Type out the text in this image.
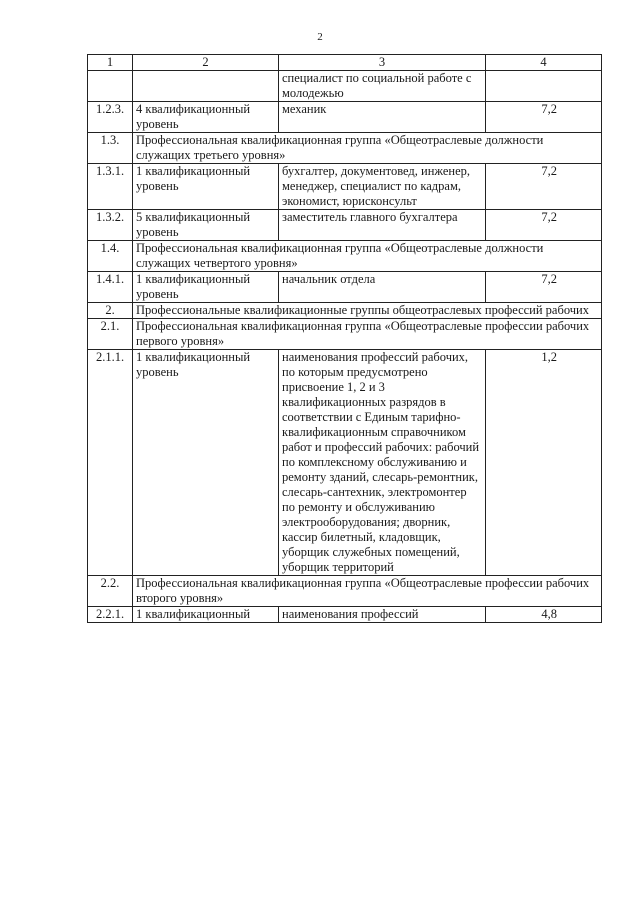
2
1	2	3	4
		специалист по социальной работе с молодежью	
1.2.3.	4 квалификационный уровень	механик	7,2
1.3.	Профессиональная квалификационная группа «Общеотраслевые должности служащих третьего уровня»		
1.3.1.	1 квалификационный уровень	бухгалтер, документовед, инженер, менеджер, специалист по кадрам, экономист, юрисконсульт	7,2
1.3.2.	5 квалификационный уровень	заместитель главного бухгалтера	7,2
1.4.	Профессиональная квалификационная группа «Общеотраслевые должности служащих четвертого уровня»		
1.4.1.	1 квалификационный уровень	начальник отдела	7,2
2.	Профессиональные квалификационные группы общеотраслевых профессий рабочих		
2.1.	Профессиональная квалификационная группа «Общеотраслевые профессии рабочих первого уровня»		
2.1.1.	1 квалификационный уровень	наименования профессий рабочих, по которым предусмотрено присвоение 1, 2 и 3 квалификационных разрядов в соответствии с Единым тарифно-квалификационным справочником работ и профессий рабочих: рабочий по комплексному обслуживанию и ремонту зданий, слесарь-ремонтник, слесарь-сантехник, электромонтер по ремонту и обслуживанию электрооборудования; дворник, кассир билетный, кладовщик, уборщик служебных помещений, уборщик территорий	1,2
2.2.	Профессиональная квалификационная группа «Общеотраслевые профессии рабочих второго уровня»		
2.2.1.	1 квалификационный	наименования профессий	4,8
